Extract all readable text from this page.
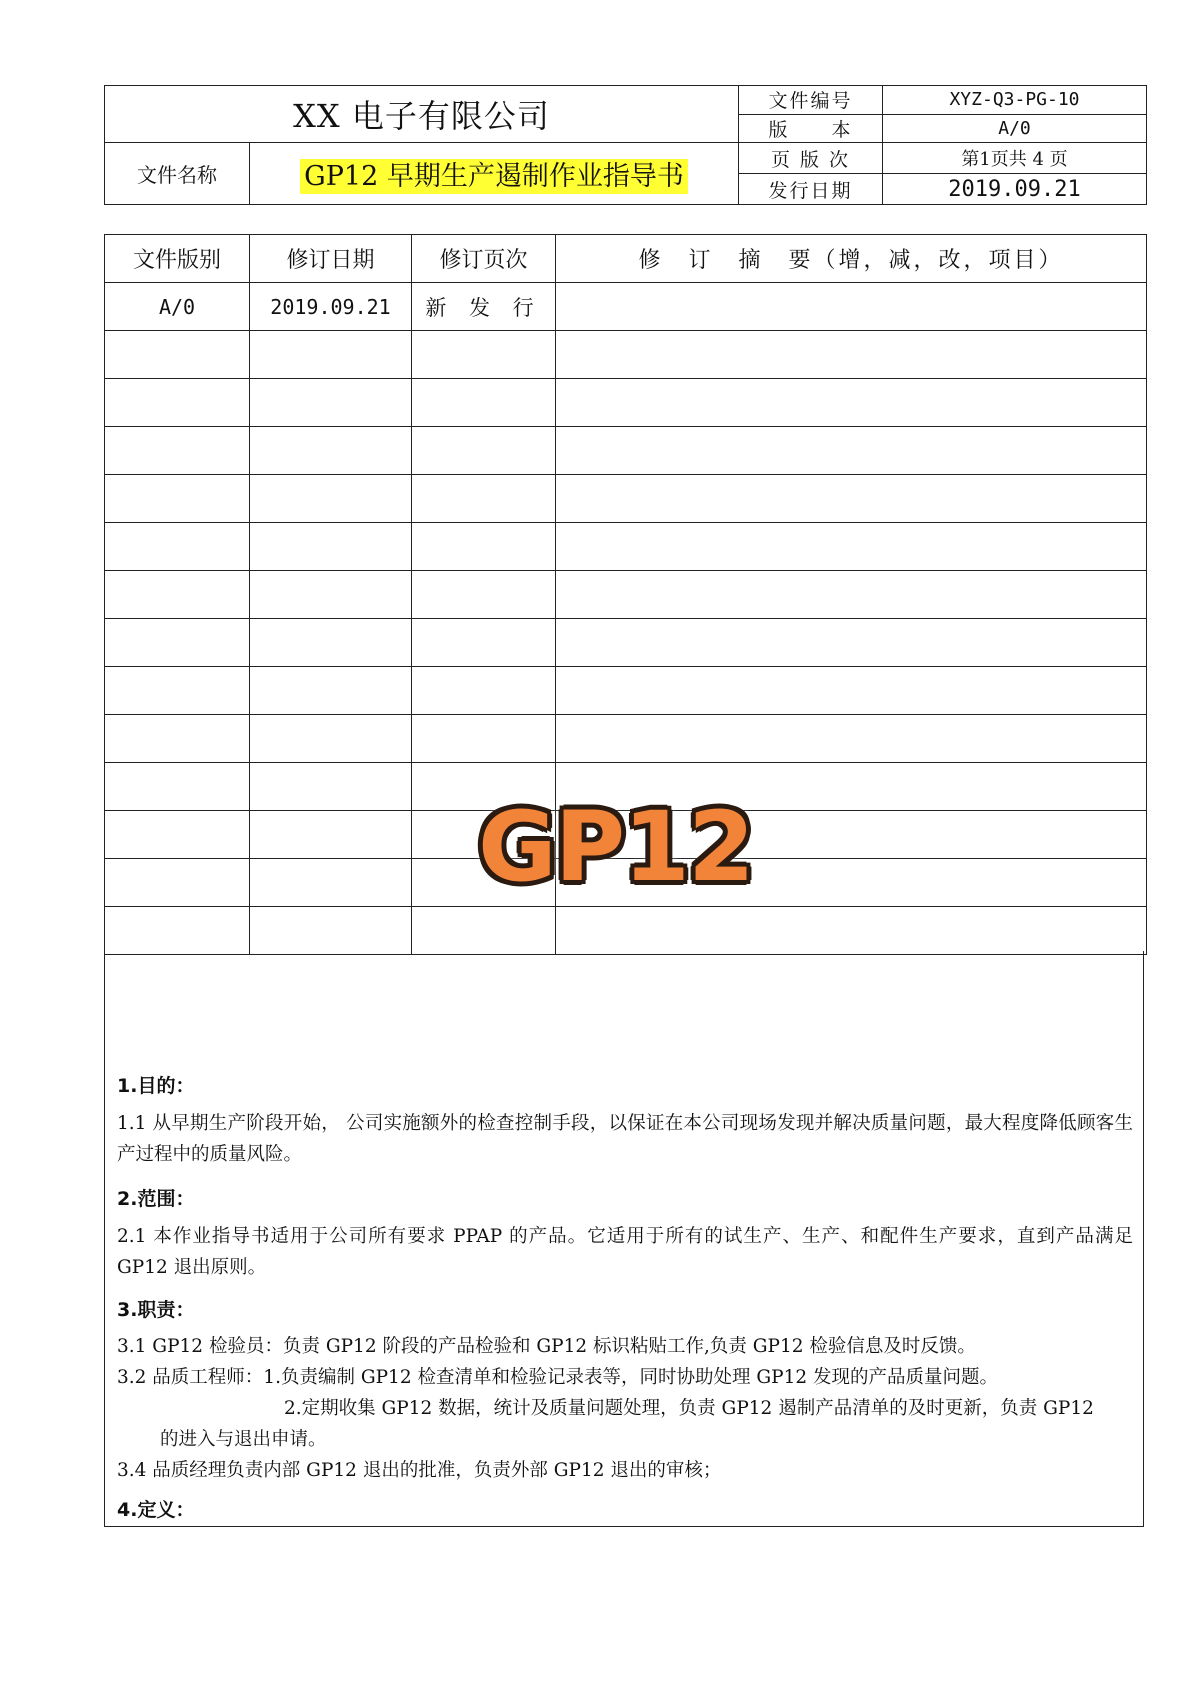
XX 电子有限公司		文件编号	XYZ-Q3-PG-10
		版　　本	A/0
文件名称	GP12 早期生产遏制作业指导书	页 版 次	第1页共 4 页
		发行日期	2019.09.21
文件版别	修订日期	修订页次	修　订　摘　要（增，减，改，项目）
A/0	2019.09.21	新 发 行	

GP12
1.目的：
1.1 从早期生产阶段开始， 公司实施额外的检查控制手段，以保证在本公司现场发现并解决质量问题，最大程度降低顾客生产过程中的质量风险。
2.范围：
2.1 本作业指导书适用于公司所有要求 PPAP 的产品。它适用于所有的试生产、生产、和配件生产要求，直到产品满足 GP12 退出原则。
3.职责：
3.1 GP12 检验员：负责 GP12 阶段的产品检验和 GP12 标识粘贴工作,负责 GP12 检验信息及时反馈。
3.2 品质工程师：1.负责编制 GP12 检查清单和检验记录表等，同时协助处理 GP12 发现的产品质量问题。
2.定期收集 GP12 数据，统计及质量问题处理，负责 GP12 遏制产品清单的及时更新，负责 GP12
的进入与退出申请。
3.4 品质经理负责内部 GP12 退出的批准，负责外部 GP12 退出的审核；
4.定义：
